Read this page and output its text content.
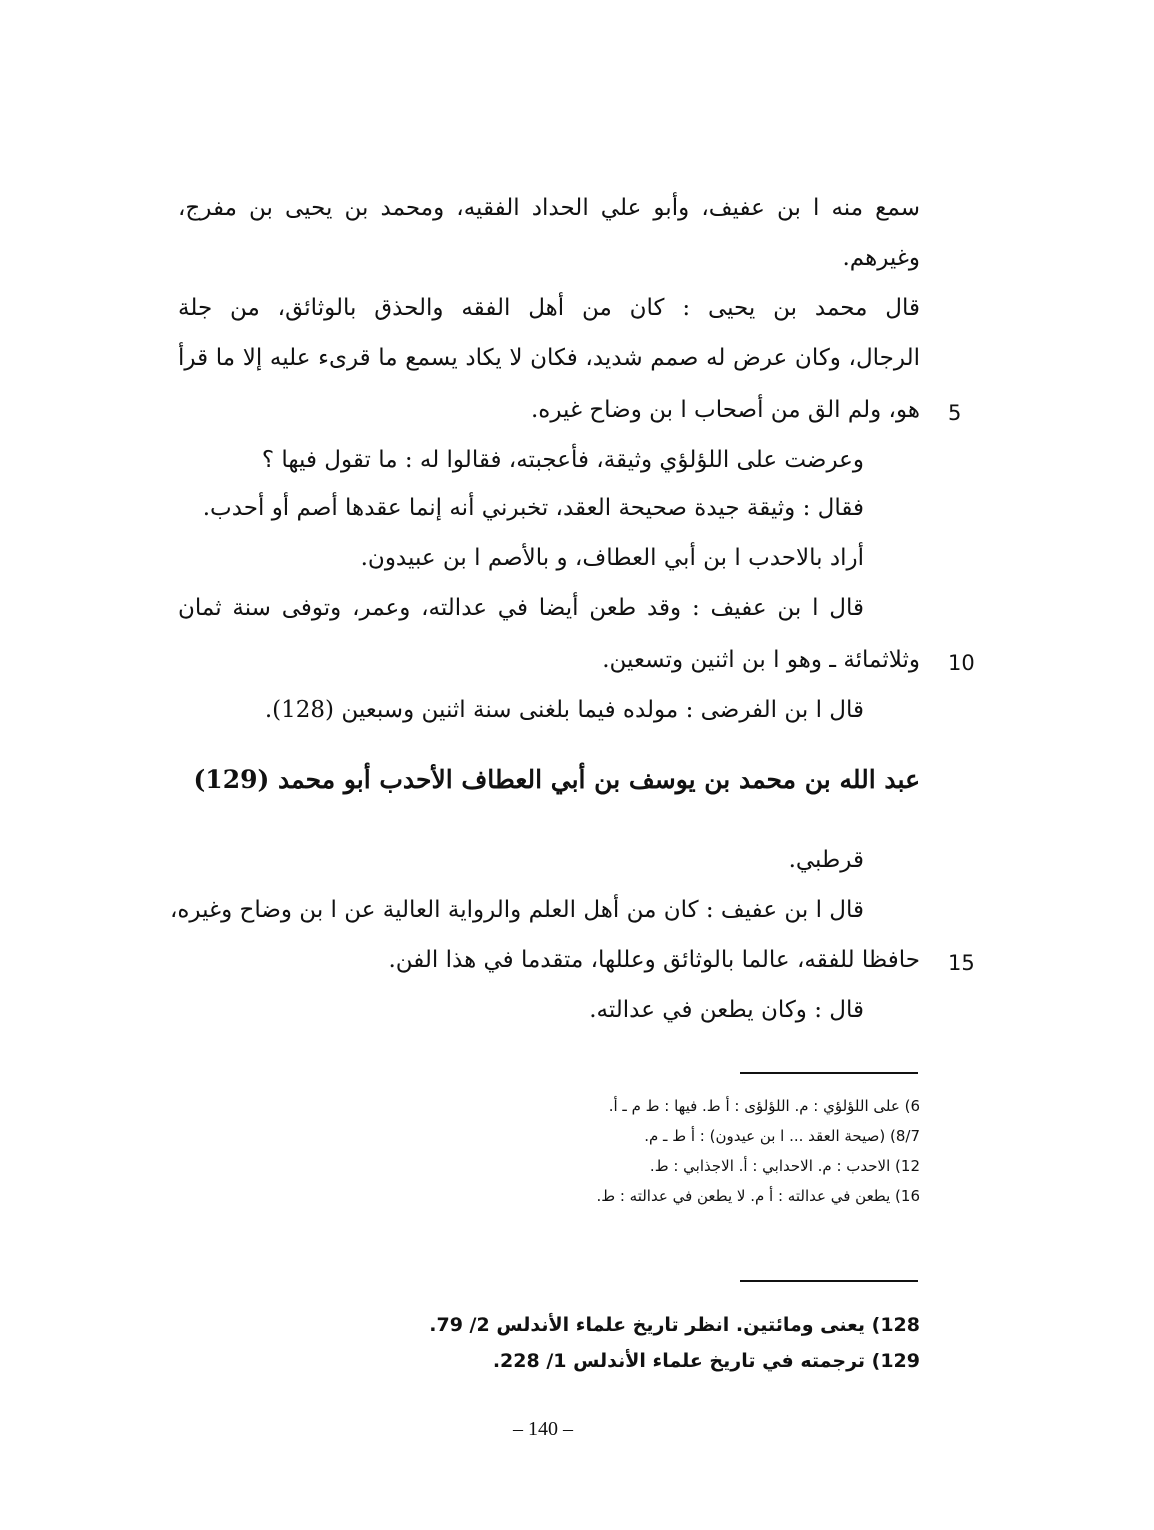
سمع منه ا بن عفيف، وأبو علي الحداد الفقيه، ومحمد بن يحيى بن مفرج،
وغيرهم.
قال محمد بن يحيى : كان من أهل الفقه والحذق بالوثائق، من جلة
الرجال، وكان عرض له صمم شديد، فكان لا يكاد يسمع ما قرىء عليه إلا ما قرأ
هو، ولم الق من أصحاب ا بن وضاح غيره.
وعرضت على اللؤلؤي وثيقة، فأعجبته، فقالوا له : ما تقول فيها ؟
فقال : وثيقة جيدة صحيحة العقد، تخبرني أنه إنما عقدها أصم أو أحدب.
أراد بالاحدب ا بن أبي العطاف، و بالأصم ا بن عبيدون.
قال ا بن عفيف : وقد طعن أيضا في عدالته، وعمر، وتوفى سنة ثمان
وثلاثمائة ـ وهو ا بن اثنين وتسعين.
قال ا بن الفرضى : مولده فيما بلغنى سنة اثنين وسبعين (128).
عبد الله بن محمد بن يوسف بن أبي العطاف الأحدب أبو محمد (129)
قرطبي.
قال ا بن عفيف : كان من أهل العلم والرواية العالية عن ا بن وضاح وغيره،
حافظا للفقه، عالما بالوثائق وعللها، متقدما في هذا الفن.
قال : وكان يطعن في عدالته.
5
10
15
6) على اللؤلؤي : م. اللؤلؤى : أ ط. فيها : ط م ـ أ.
8/7) (صيحة العقد ... ا بن عيدون) : أ ط ـ م.
12) الاحدب : م. الاحدابي : أ. الاجذابي : ط.
16) يطعن في عدالته : أ م. لا يطعن في عدالته : ط.
128) يعنى ومائتين. انظر تاريخ علماء الأندلس 2/ 79.
129) ترجمته في تاريخ علماء الأندلس 1/ 228.
– 140 –
